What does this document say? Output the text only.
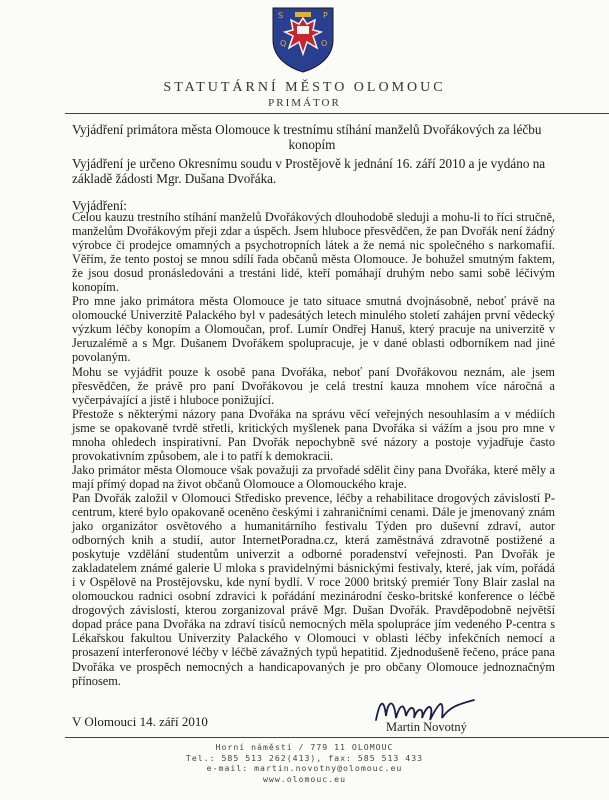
S	P
Q	O
STATUTÁRNÍ MĚSTO OLOMOUC
PRIMÁTOR
Vyjádření primátora města Olomouce k trestnímu stíhání manželů Dvořákových za léčbu
konopím
Vyjádření je určeno Okresnímu soudu v Prostějově k jednání 16. září 2010 a je vydáno na základě žádosti Mgr. Dušana Dvořáka.
Vyjádření:

Celou kauzu trestního stíhání manželů Dvořákových dlouhodobě sleduji a mohu-li to říci stručně, manželům Dvořákovým přeji zdar a úspěch. Jsem hluboce přesvědčen, že pan Dvořák není žádný výrobce či prodejce omamných a psychotropních látek a že nemá nic společného s narkomafií. Věřím, že tento postoj se mnou sdílí řada občanů města Olomouce. Je bohužel smutným faktem, že jsou dosud pronásledováni a trestáni lidé, kteří pomáhají druhým nebo sami sobě léčivým konopím.

Pro mne jako primátora města Olomouce je tato situace smutná dvojnásobně, neboť právě na olomoucké Univerzitě Palackého byl v padesátých letech minulého století zahájen první vědecký výzkum léčby konopím a Olomoučan, prof. Lumír Ondřej Hanuš, který pracuje na univerzitě v Jeruzalémě a s Mgr. Dušanem Dvořákem spolupracuje, je v dané oblasti odborníkem nad jiné povolaným.

Mohu se vyjádřit pouze k osobě pana Dvořáka, neboť paní Dvořákovou neznám, ale jsem přesvědčen, že právě pro paní Dvořákovou je celá trestní kauza mnohem více náročná a vyčerpávající a jistě i hluboce ponižující.

Přestože s některými názory pana Dvořáka na správu věcí veřejných nesouhlasím a v médiích jsme se opakovaně tvrdě střetli, kritických myšlenek pana Dvořáka si vážím a jsou pro mne v mnoha ohledech inspirativní. Pan Dvořák nepochybně své názory a postoje vyjadřuje často provokativním způsobem, ale i to patří k demokracii.

Jako primátor města Olomouce však považuji za prvořadé sdělit činy pana Dvořáka, které měly a mají přímý dopad na život občanů Olomouce a Olomouckého kraje.

Pan Dvořák založil v Olomouci Středisko prevence, léčby a rehabilitace drogových závislostí P-centrum, které bylo opakovaně oceněno českými i zahraničními cenami. Dále je jmenovaný znám jako organizátor osvětového a humanitárního festivalu Týden pro duševní zdraví, autor odborných knih a studií, autor InternetPoradna.cz, která zaměstnává zdravotně postižené a poskytuje vzdělání studentům univerzit a odborné poradenství veřejnosti. Pan Dvořák je zakladatelem známé galerie U mloka s pravidelnými básnickými festivaly, které, jak vím, pořádá i v Ospělově na Prostějovsku, kde nyní bydlí. V roce 2000 britský premiér Tony Blair zaslal na olomouckou radnici osobní zdravici k pořádání mezinárodní česko-britské konference o léčbě drogových závislostí, kterou zorganizoval právě Mgr. Dušan Dvořák. Pravděpodobně největší dopad práce pana Dvořáka na zdraví tisíců nemocných měla spolupráce jím vedeného P-centra s Lékařskou fakultou Univerzity Palackého v Olomouci v oblasti léčby infekčních nemocí a prosazení interferonové léčby v léčbě závažných typů hepatitid. Zjednodušeně řečeno, práce pana Dvořáka ve prospěch nemocných a handicapovaných je pro občany Olomouce jednoznačným přínosem.

V Olomouci 14. září 2010	Martin Novotný
Horní náměstí / 779 11 OLOMOUC
Tel.: 585 513 262(413), fax: 585 513 433
e-mail: martin.novotny@olomouc.eu
www.olomouc.eu
